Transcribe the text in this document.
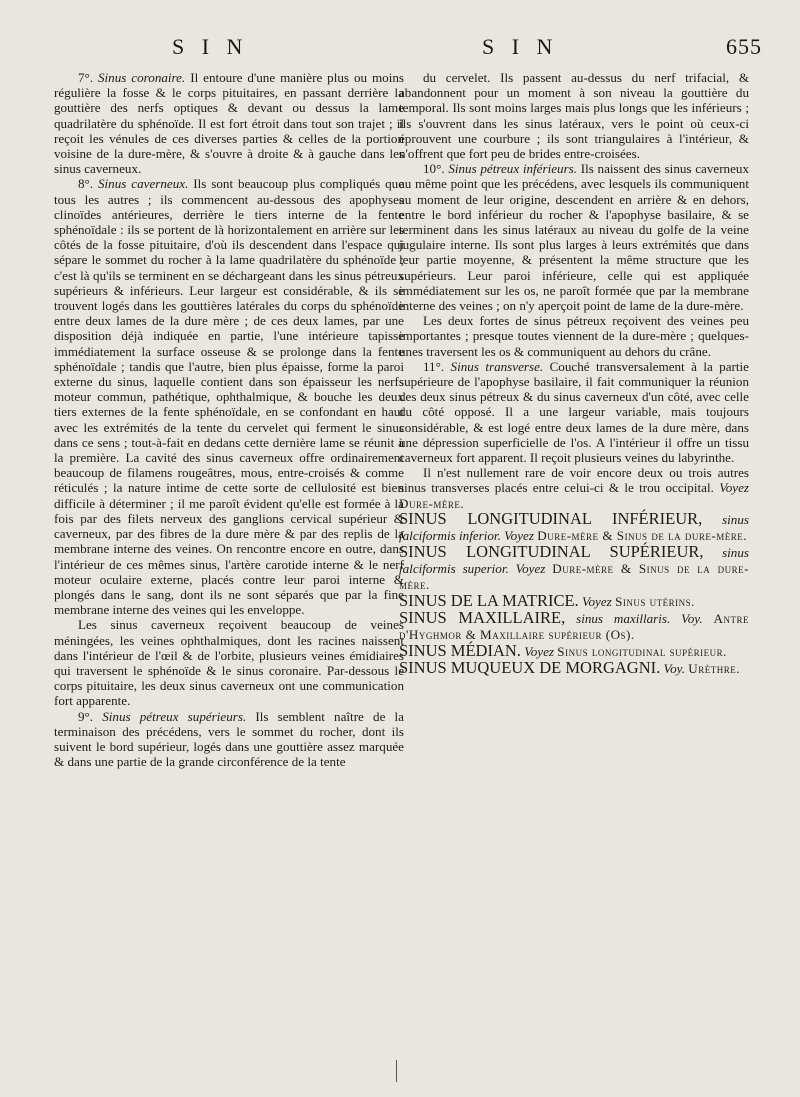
S I N	S I N	655

7°. Sinus coronaire. Il entoure d'une manière plus ou moins régulière la fosse & le corps pituitaires, en passant derrière la gouttière des nerfs optiques & devant ou dessus la lame quadrilatère du sphénoïde. Il est fort étroit dans tout son trajet ; il reçoit les vénules de ces diverses parties & celles de la portion voisine de la dure-mère, & s'ouvre à droite & à gauche dans les sinus caverneux.

8°. Sinus caverneux. Ils sont beaucoup plus compliqués que tous les autres ; ils commencent au-dessous des apophyses clinoïdes antérieures, derrière le tiers interne de la fente sphénoïdale : ils se portent de là horizontalement en arrière sur les côtés de la fosse pituitaire, d'où ils descendent dans l'espace qui sépare le sommet du rocher à la lame quadrilatère du sphénoïde ; c'est là qu'ils se terminent en se déchargeant dans les sinus pétreux supérieurs & inférieurs. Leur largeur est considérable, & ils se trouvent logés dans les gouttières latérales du corps du sphénoïde entre deux lames de la dure mère ; de ces deux lames, par une disposition déjà indiquée en partie, l'une intérieure tapisse immédiatement la surface osseuse & se prolonge dans la fente sphénoïdale ; tandis que l'autre, bien plus épaisse, forme la paroi externe du sinus, laquelle contient dans son épaisseur les nerfs moteur commun, pathétique, ophthalmique, & bouche les deux tiers externes de la fente sphénoïdale, en se confondant en haut avec les extrémités de la tente du cervelet qui ferment le sinus dans ce sens ; tout-à-fait en dedans cette dernière lame se réunit à la première. La cavité des sinus caverneux offre ordinairement beaucoup de filamens rougeâtres, mous, entre-croisés & comme réticulés ; la nature intime de cette sorte de cellulosité est bien difficile à déterminer ; il me paroît évident qu'elle est formée à la fois par des filets nerveux des ganglions cervical supérieur & caverneux, par des fibres de la dure mère & par des replis de la membrane interne des veines. On rencontre encore en outre, dans l'intérieur de ces mêmes sinus, l'artère carotide interne & le nerf moteur oculaire externe, placés contre leur paroi interne & plongés dans le sang, dont ils ne sont séparés que par la fine membrane interne des veines qui les enveloppe.

Les sinus caverneux reçoivent beaucoup de veines méningées, les veines ophthalmiques, dont les racines naissent dans l'intérieur de l'œil & de l'orbite, plusieurs veines émidiaires qui traversent le sphénoïde & le sinus coronaire. Par-dessous le corps pituitaire, les deux sinus caverneux ont une communication fort apparente.

9°. Sinus pétreux supérieurs. Ils semblent naître de la terminaison des précédens, vers le sommet du rocher, dont ils suivent le bord supérieur, logés dans une gouttière assez marquée & dans une partie de la grande circonférence de la tente

du cervelet. Ils passent au-dessus du nerf trifacial, & abandonnent pour un moment à son niveau la gouttière du temporal. Ils sont moins larges mais plus longs que les inférieurs ; ils s'ouvrent dans les sinus latéraux, vers le point où ceux-ci éprouvent une courbure ; ils sont triangulaires à l'intérieur, & n'offrent que fort peu de brides entre-croisées.

10°. Sinus pétreux inférieurs. Ils naissent des sinus caverneux au même point que les précédens, avec lesquels ils communiquent au moment de leur origine, descendent en arrière & en dehors, entre le bord inférieur du rocher & l'apophyse basilaire, & se terminent dans les sinus latéraux au niveau du golfe de la veine jugulaire interne. Ils sont plus larges à leurs extrémités que dans leur partie moyenne, & présentent la même structure que les supérieurs. Leur paroi inférieure, celle qui est appliquée immédiatement sur les os, ne paroît formée que par la membrane interne des veines ; on n'y aperçoit point de lame de la dure-mère.

Les deux fortes de sinus pétreux reçoivent des veines peu importantes ; presque toutes viennent de la dure-mère ; quelques-unes traversent les os & communiquent au dehors du crâne.

11°. Sinus transverse. Couché transversalement à la partie supérieure de l'apophyse basilaire, il fait communiquer la réunion des deux sinus pétreux & du sinus caverneux d'un côté, avec celle du côté opposé. Il a une largeur variable, mais toujours considérable, & est logé entre deux lames de la dure mère, dans une dépression superficielle de l'os. A l'intérieur il offre un tissu caverneux fort apparent. Il reçoit plusieurs veines du labyrinthe.

Il n'est nullement rare de voir encore deux ou trois autres sinus transverses placés entre celui-ci & le trou occipital. Voyez Dure-mère.

SINUS LONGITUDINAL INFÉRIEUR, sinus falciformis inferior. Voyez Dure-mère & Sinus de la dure-mère.

SINUS LONGITUDINAL SUPÉRIEUR, sinus falciformis superior. Voyez Dure-mère & Sinus de la dure-mère.

SINUS DE LA MATRICE. Voyez Sinus utérins.

SINUS MAXILLAIRE, sinus maxillaris. Voy. Antre d'Hyghmor & Maxillaire supérieur (Os).

SINUS MÉDIAN. Voyez Sinus longitudinal supérieur.

SINUS MUQUEUX DE MORGAGNI. Voy. Urèthre.
